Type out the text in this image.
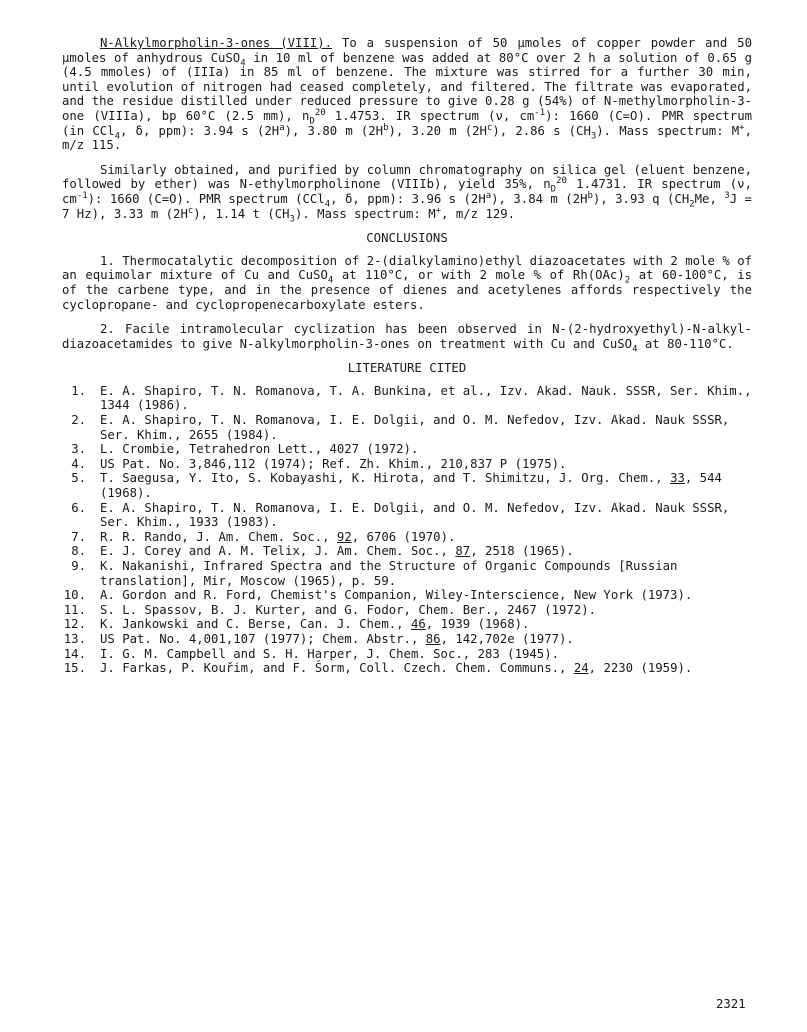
N-Alkylmorpholin-3-ones (VIII). To a suspension of 50 μmoles of copper powder and 50 μmoles of anhydrous CuSO$_4$ in 10 ml of benzene was added at 80°C over 2 h a solution of 0.65 g (4.5 mmoles) of (IIIa) in 85 ml of benzene. The mixture was stirred for a further 30 min, until evolution of nitrogen had ceased completely, and filtered. The filtrate was evaporated, and the residue distilled under reduced pressure to give 0.28 g (54%) of N-methylmorpholin-3-one (VIIIa), bp 60°C (2.5 mm), $n_D^{20}$ 1.4753. IR spectrum (ν, $cm^{-1}$): 1660 (C=O). PMR spectrum (in CCl$_4$, δ, ppm): 3.94 s $(2H^a)$, 3.80 m $(2H^b)$, 3.20 m $(2H^c)$, 2.86 s $(CH_3)$. Mass spectrum: M+, m/z 115.

Similarly obtained, and purified by column chromatography on silica gel (eluent benzene, followed by ether) was N-ethylmorpholinone (VIIIb), yield 35%, $n_D^{20}$ 1.4731. IR spectrum (ν, $cm^{-1}$): 1660 (C=O). PMR spectrum (CCl$_4$, δ, ppm): 3.96 s $(2H^a)$, 3.84 m $(2H^b)$, 3.93 q ($CH_2Me$, $^3$J = 7 Hz), 3.33 m $(2H^c)$, 1.14 t $(CH_3)$. Mass spectrum: M+, m/z 129.

CONCLUSIONS

1. Thermocatalytic decomposition of 2-(dialkylamino)ethyl diazoacetates with 2 mole % of an equimolar mixture of Cu and CuSO$_4$ at 110°C, or with 2 mole % of $Rh(OAc)_2$ at 60-100°C, is of the carbene type, and in the presence of dienes and acetylenes affords respectively the cyclopropane- and cyclopropenecarboxylate esters.

2. Facile intramolecular cyclization has been observed in N-(2-hydroxyethyl)-N-alkyl-diazoacetamides to give N-alkylmorpholin-3-ones on treatment with Cu and CuSO$_4$ at 80-110°C.

LITERATURE CITED
1.	E. A. Shapiro, T. N. Romanova, T. A. Bunkina, et al., Izv. Akad. Nauk. SSSR, Ser. Khim., 1344 (1986).
2.	E. A. Shapiro, T. N. Romanova, I. E. Dolgii, and O. M. Nefedov, Izv. Akad. Nauk SSSR, Ser. Khim., 2655 (1984).
3.	L. Crombie, Tetrahedron Lett., 4027 (1972).
4.	US Pat. No. 3,846,112 (1974); Ref. Zh. Khim., 210,837 P (1975).
5.	T. Saegusa, Y. Ito, S. Kobayashi, K. Hirota, and T. Shimitzu, J. Org. Chem., 33, 544 (1968).
6.	E. A. Shapiro, T. N. Romanova, I. E. Dolgii, and O. M. Nefedov, Izv. Akad. Nauk SSSR, Ser. Khim., 1933 (1983).
7.	R. R. Rando, J. Am. Chem. Soc., 92, 6706 (1970).
8.	E. J. Corey and A. M. Telix, J. Am. Chem. Soc., 87, 2518 (1965).
9.	K. Nakanishi, Infrared Spectra and the Structure of Organic Compounds [Russian translation], Mir, Moscow (1965), p. 59.
10.	A. Gordon and R. Ford, Chemist's Companion, Wiley-Interscience, New York (1973).
11.	S. L. Spassov, B. J. Kurter, and G. Fodor, Chem. Ber., 2467 (1972).
12.	K. Jankowski and C. Berse, Can. J. Chem., 46, 1939 (1968).
13.	US Pat. No. 4,001,107 (1977); Chem. Abstr., 86, 142,702e (1977).
14.	I. G. M. Campbell and S. H. Harper, J. Chem. Soc., 283 (1945).
15.	J. Farkas, P. Kouřim, and F. Šorm, Coll. Czech. Chem. Communs., 24, 2230 (1959).
2321
